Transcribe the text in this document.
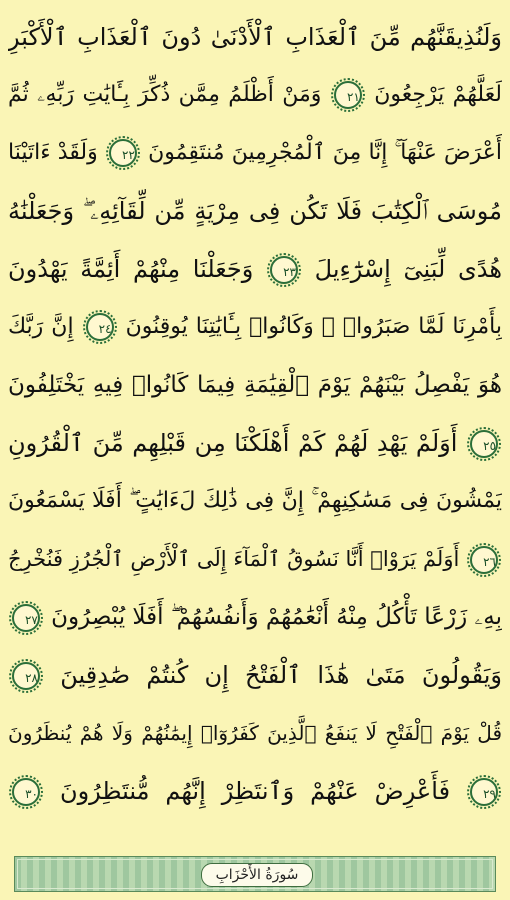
وَلَنُذِيقَنَّهُم مِّنَ ٱلْعَذَابِ ٱلْأَدْنَىٰ دُونَ ٱلْعَذَابِ ٱلْأَكْبَرِ
لَعَلَّهُمْ يَرْجِعُونَ ٢١ وَمَنْ أَظْلَمُ مِمَّن ذُكِّرَ بِـَٔايَٰتِ رَبِّهِۦ ثُمَّ
أَعْرَضَ عَنْهَآ ۚ إِنَّا مِنَ ٱلْمُجْرِمِينَ مُنتَقِمُونَ ٢٢ وَلَقَدْ ءَاتَيْنَا
مُوسَى ٱلْكِتَٰبَ فَلَا تَكُن فِى مِرْيَةٍ مِّن لِّقَآئِهِۦ ۖ وَجَعَلْنَٰهُ
هُدًى لِّبَنِىٓ إِسْرَٰٓءِيلَ ٢٣ وَجَعَلْنَا مِنْهُمْ أَئِمَّةً يَهْدُونَ
بِأَمْرِنَا لَمَّا صَبَرُوا۟ ۖ وَكَانُوا۟ بِـَٔايَٰتِنَا يُوقِنُونَ ٢٤ إِنَّ رَبَّكَ
هُوَ يَفْصِلُ بَيْنَهُمْ يَوْمَ ٱلْقِيَٰمَةِ فِيمَا كَانُوا۟ فِيهِ يَخْتَلِفُونَ
٢٥ أَوَلَمْ يَهْدِ لَهُمْ كَمْ أَهْلَكْنَا مِن قَبْلِهِم مِّنَ ٱلْقُرُونِ
يَمْشُونَ فِى مَسَٰكِنِهِمْ ۚ إِنَّ فِى ذَٰلِكَ لَءَايَٰتٍ ۖ أَفَلَا يَسْمَعُونَ
٢٦ أَوَلَمْ يَرَوْا۟ أَنَّا نَسُوقُ ٱلْمَآءَ إِلَى ٱلْأَرْضِ ٱلْجُرُزِ فَنُخْرِجُ
بِهِۦ زَرْعًا تَأْكُلُ مِنْهُ أَنْعَٰمُهُمْ وَأَنفُسُهُمْ ۖ أَفَلَا يُبْصِرُونَ ٢٧
وَيَقُولُونَ مَتَىٰ هَٰذَا ٱلْفَتْحُ إِن كُنتُمْ صَٰدِقِينَ ٢٨
قُلْ يَوْمَ ٱلْفَتْحِ لَا يَنفَعُ ٱلَّذِينَ كَفَرُوٓا۟ إِيمَٰنُهُمْ وَلَا هُمْ يُنظَرُونَ
٢٩ فَأَعْرِضْ عَنْهُمْ وَٱنتَظِرْ إِنَّهُم مُّنتَظِرُونَ ٣٠
سُورَةُ الأَحْزَابِ
